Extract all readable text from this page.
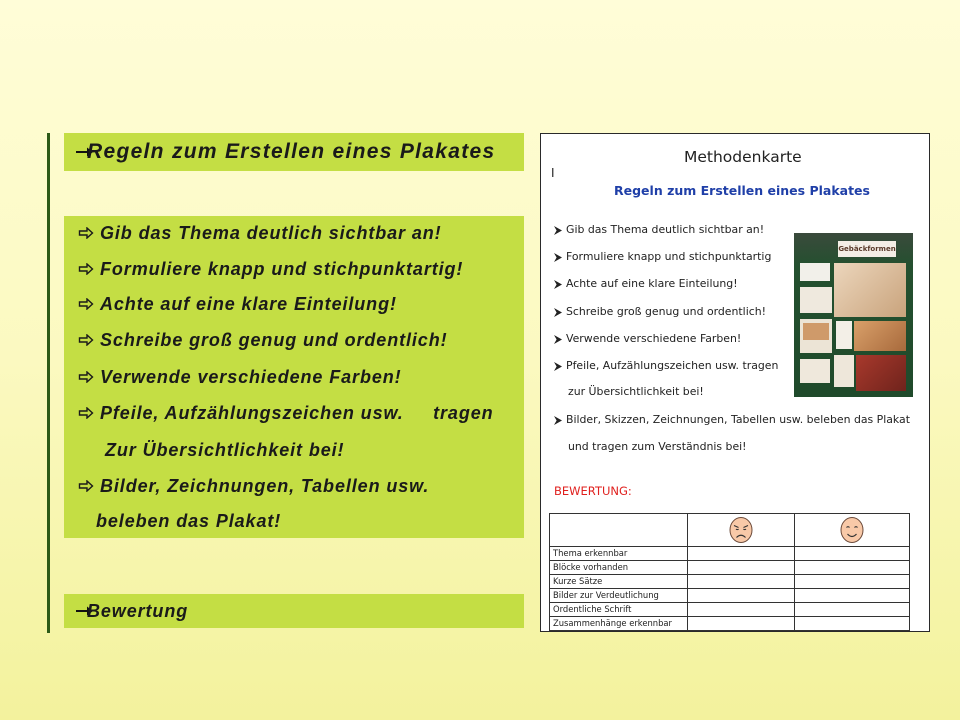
Regeln zum Erstellen eines Plakates
Gib das Thema deutlich sichtbar an!
Formuliere knapp und stichpunktartig!
Achte auf eine klare Einteilung!
Schreibe groß genug und ordentlich!
Verwende verschiedene Farben!
Pfeile, Aufzählungszeichen usw.     tragen
Zur Übersichtlichkeit bei!
Bilder, Zeichnungen, Tabellen usw.
beleben das Plakat!
Bewertung
Methodenkarte
I
Regeln zum Erstellen eines Plakates
Gib das Thema deutlich sichtbar an!
Formuliere knapp und stichpunktartig
Achte auf eine klare Einteilung!
Schreibe groß genug und ordentlich!
Verwende verschiedene Farben!
Pfeile, Aufzählungszeichen usw. tragen
zur Übersichtlichkeit bei!
Bilder, Skizzen, Zeichnungen, Tabellen usw. beleben das Plakat
und tragen zum Verständnis bei!
Gebäckformen
BEWERTUNG:

Thema erkennbar		
Blöcke vorhanden		
Kurze Sätze		
Bilder zur Verdeutlichung		
Ordentliche Schrift		
Zusammenhänge erkennbar		
